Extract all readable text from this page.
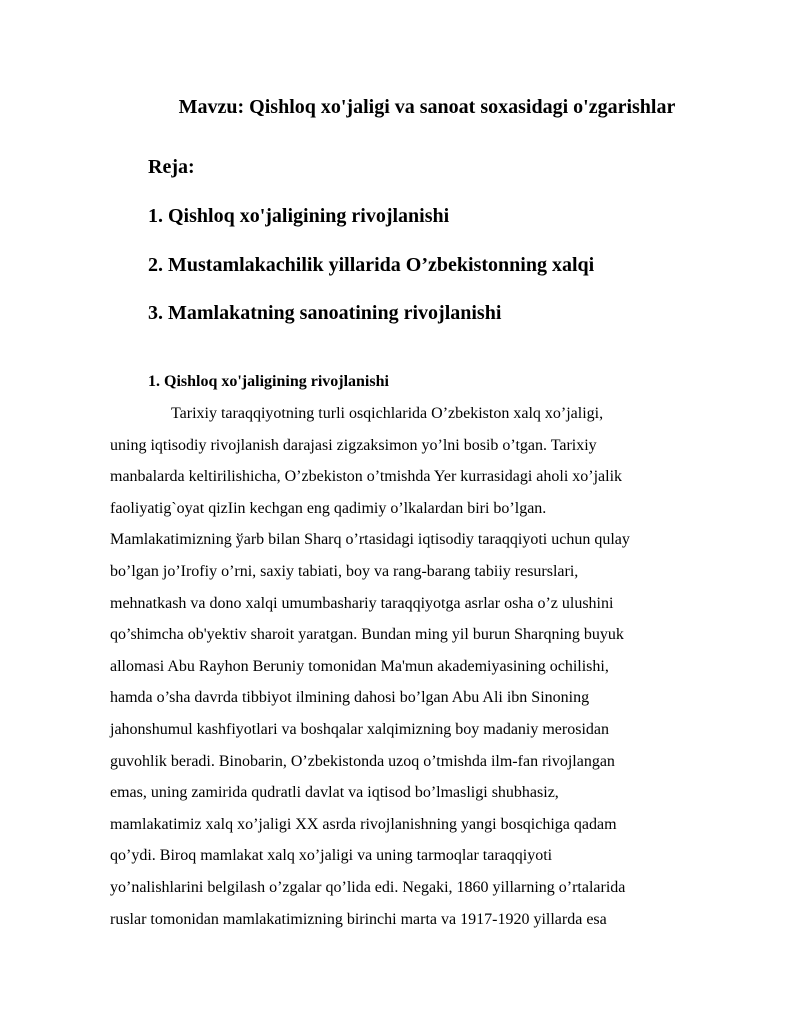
Mavzu: Qishloq xo'jaligi va sanoat soxasidagi o'zgarishlar
Reja:
1. Qishloq xo'jaligining rivojlanishi
2. Mustamlakachilik yillarida O’zbekistonning xalqi
3. Mamlakatning sanoatining rivojlanishi
1. Qishloq xo'jaligining rivojlanishi
Tarixiy taraqqiyotning turli osqichlarida O’zbekiston xalq xo’jaligi,
uning iqtisodiy rivojlanish darajasi zigzaksimon yo’lni bosib o’tgan. Tarixiy
manbalarda keltirilishicha, O’zbekiston o’tmishda Yer kurrasidagi aholi xo’jalik
faoliyatig`oyat qizIin kechgan eng qadimiy o’lkalardan biri bo’lgan.
Mamlakatimizning ўarb bilan Sharq o’rtasidagi iqtisodiy taraqqiyoti uchun qulay
bo’lgan jo’Irofiy o’rni, saxiy tabiati, boy va rang-barang tabiiy resurslari,
mehnatkash va dono xalqi umumbashariy taraqqiyotga asrlar osha o’z ulushini
qo’shimcha ob'yektiv sharoit yaratgan. Bundan ming yil burun Sharqning buyuk
allomasi Abu Rayhon Beruniy tomonidan Ma'mun akademiyasining ochilishi,
hamda o’sha davrda tibbiyot ilmining dahosi bo’lgan Abu Ali ibn Sinoning
jahonshumul kashfiyotlari va boshqalar xalqimizning boy madaniy merosidan
guvohlik beradi. Binobarin, O’zbekistonda uzoq o’tmishda ilm-fan rivojlangan
emas, uning zamirida qudratli davlat va iqtisod bo’lmasligi shubhasiz,
mamlakatimiz xalq xo’jaligi XX asrda rivojlanishning yangi bosqichiga qadam
qo’ydi. Biroq mamlakat xalq xo’jaligi va uning tarmoqlar taraqqiyoti
yo’nalishlarini belgilash o’zgalar qo’lida edi. Negaki, 1860 yillarning o’rtalarida
ruslar tomonidan mamlakatimizning birinchi marta va 1917-1920 yillarda esa
